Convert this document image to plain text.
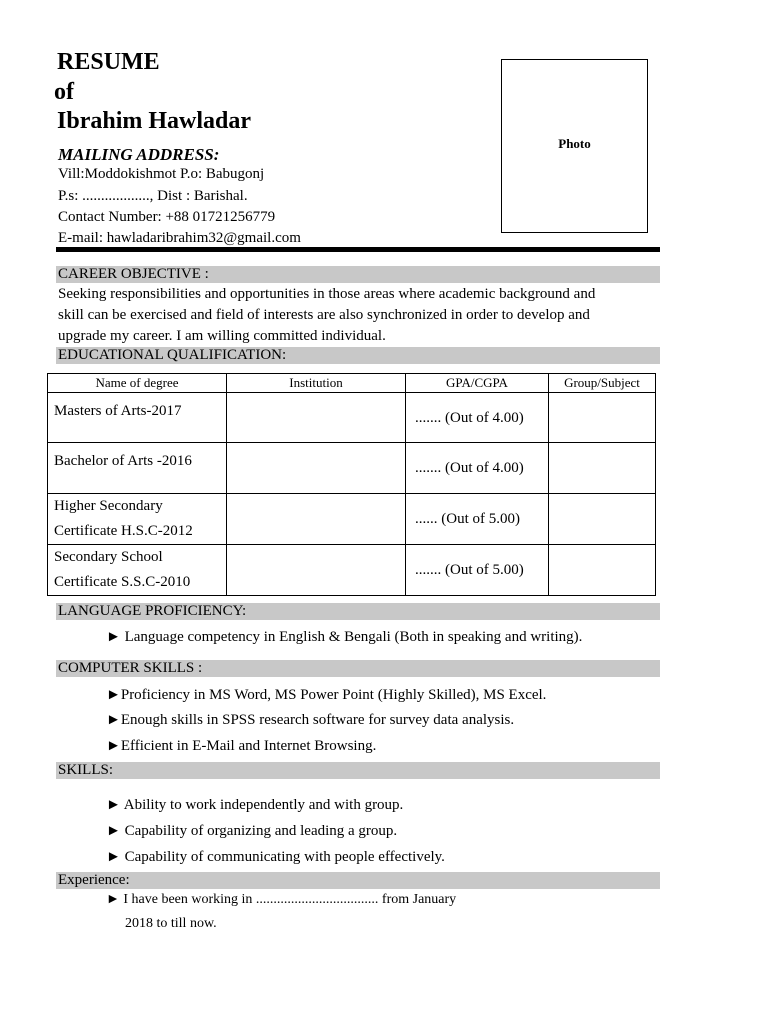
RESUME
of
Ibrahim Hawladar
MAILING ADDRESS:
Vill:Moddokishmot P.o: Babugonj
P.s: .................., Dist : Barishal.
Contact Number: +88 01721256779
E-mail: hawladaribrahim32@gmail.com
Photo
CAREER OBJECTIVE :
Seeking responsibilities and opportunities in those areas where academic background and
skill can be exercised and field of interests are also synchronized in order to develop and
upgrade my career. I am willing committed individual.
EDUCATIONAL QUALIFICATION:
Name of degree	Institution	GPA/CGPA	Group/Subject

Masters of Arts-2017		....... (Out of 4.00)	

Bachelor of Arts -2016		....... (Out of 4.00)	

Higher Secondary
Certificate H.S.C-2012		...... (Out of 5.00)	

Secondary School
Certificate S.S.C-2010		....... (Out of 5.00)	

LANGUAGE PROFICIENCY:
► Language competency in English & Bengali (Both in speaking and writing).
COMPUTER SKILLS :
►Proficiency in MS Word, MS Power Point (Highly Skilled), MS Excel.
►Enough skills in SPSS research software for survey data analysis.
►Efficient in E-Mail and Internet Browsing.
SKILLS:
► Ability to work independently and with group.
► Capability of organizing and leading a group.
► Capability of communicating with people effectively.
Experience:
► I have been working in ................................... from January
2018 to till now.
